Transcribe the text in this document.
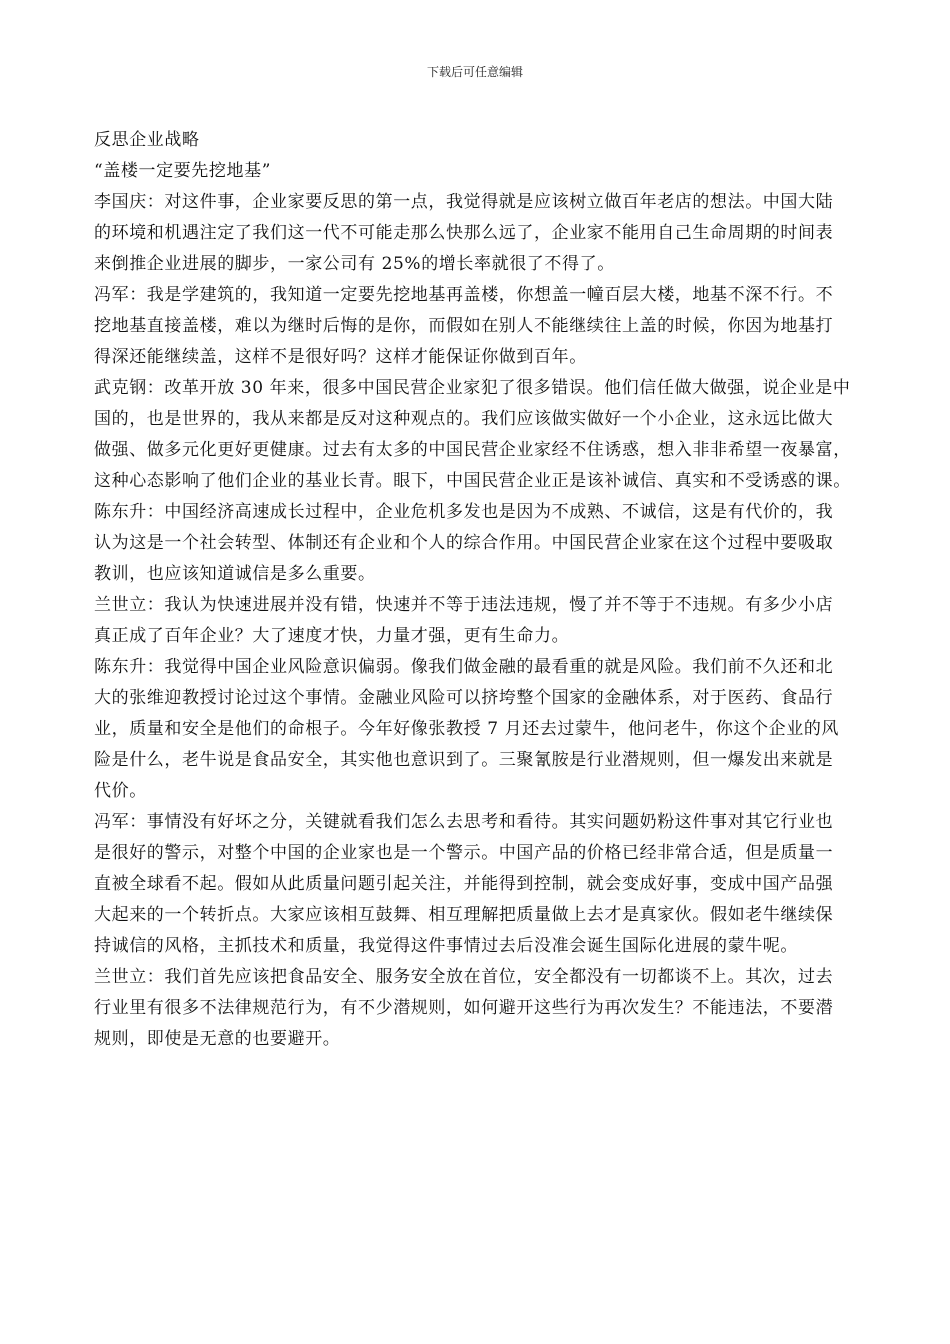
下载后可任意编辑
反思企业战略
“盖楼一定要先挖地基”
李国庆：对这件事，企业家要反思的第一点，我觉得就是应该树立做百年老店的想法。中国大陆
的环境和机遇注定了我们这一代不可能走那么快那么远了，企业家不能用自己生命周期的时间表
来倒推企业进展的脚步，一家公司有 25%的增长率就很了不得了。
冯军：我是学建筑的，我知道一定要先挖地基再盖楼，你想盖一幢百层大楼，地基不深不行。不
挖地基直接盖楼，难以为继时后悔的是你，而假如在别人不能继续往上盖的时候，你因为地基打
得深还能继续盖，这样不是很好吗？这样才能保证你做到百年。
武克钢：改革开放 30 年来，很多中国民营企业家犯了很多错误。他们信任做大做强，说企业是中
国的，也是世界的，我从来都是反对这种观点的。我们应该做实做好一个小企业，这永远比做大
做强、做多元化更好更健康。过去有太多的中国民营企业家经不住诱惑，想入非非希望一夜暴富，
这种心态影响了他们企业的基业长青。眼下，中国民营企业正是该补诚信、真实和不受诱惑的课。
陈东升：中国经济高速成长过程中，企业危机多发也是因为不成熟、不诚信，这是有代价的，我
认为这是一个社会转型、体制还有企业和个人的综合作用。中国民营企业家在这个过程中要吸取
教训，也应该知道诚信是多么重要。
兰世立：我认为快速进展并没有错，快速并不等于违法违规，慢了并不等于不违规。有多少小店
真正成了百年企业？大了速度才快，力量才强，更有生命力。
陈东升：我觉得中国企业风险意识偏弱。像我们做金融的最看重的就是风险。我们前不久还和北
大的张维迎教授讨论过这个事情。金融业风险可以挤垮整个国家的金融体系，对于医药、食品行
业，质量和安全是他们的命根子。今年好像张教授 7 月还去过蒙牛，他问老牛，你这个企业的风
险是什么，老牛说是食品安全，其实他也意识到了。三聚氰胺是行业潜规则，但一爆发出来就是
代价。
冯军：事情没有好坏之分，关键就看我们怎么去思考和看待。其实问题奶粉这件事对其它行业也
是很好的警示，对整个中国的企业家也是一个警示。中国产品的价格已经非常合适，但是质量一
直被全球看不起。假如从此质量问题引起关注，并能得到控制，就会变成好事，变成中国产品强
大起来的一个转折点。大家应该相互鼓舞、相互理解把质量做上去才是真家伙。假如老牛继续保
持诚信的风格，主抓技术和质量，我觉得这件事情过去后没准会诞生国际化进展的蒙牛呢。
兰世立：我们首先应该把食品安全、服务安全放在首位，安全都没有一切都谈不上。其次，过去
行业里有很多不法律规范行为，有不少潜规则，如何避开这些行为再次发生？不能违法，不要潜
规则，即使是无意的也要避开。
